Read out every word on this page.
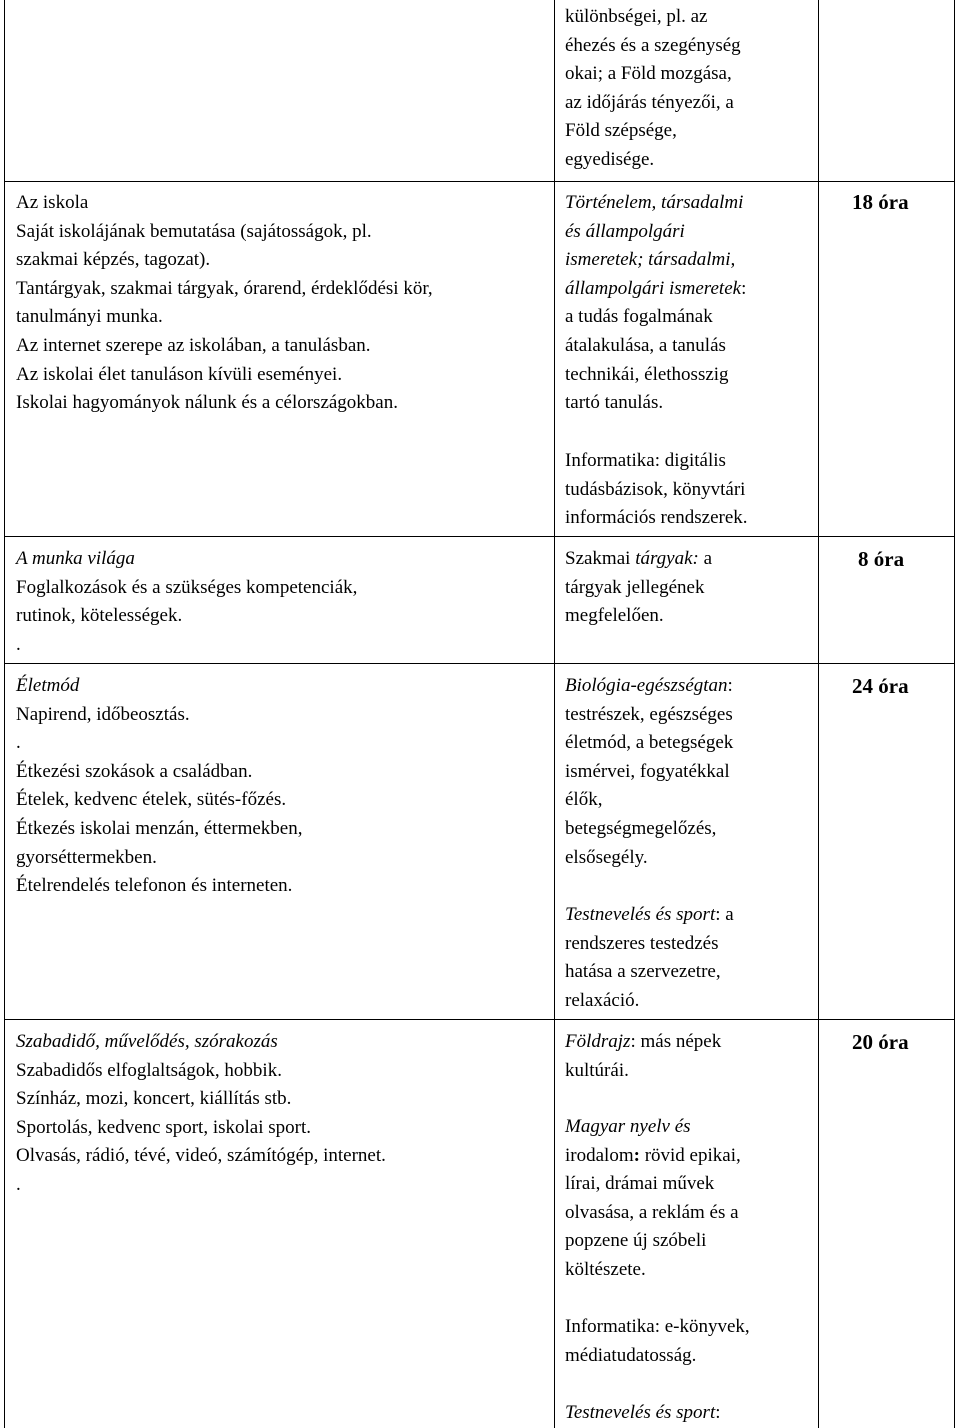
különbségei, pl. az
éhezés és a szegénység
okai; a Föld mozgása,
az időjárás tényezői, a
Föld szépsége,
egyedisége.
Az iskola
Saját iskolájának bemutatása (sajátosságok, pl.
szakmai képzés, tagozat).
Tantárgyak, szakmai tárgyak, órarend, érdeklődési kör,
tanulmányi munka.
Az internet szerepe az iskolában, a tanulásban.
Az iskolai élet tanuláson kívüli eseményei.
Iskolai hagyományok nálunk és a célországokban.
Történelem, társadalmi
és állampolgári
ismeretek; társadalmi,
állampolgári ismeretek:
a tudás fogalmának
átalakulása, a tanulás
technikái, élethosszig
tartó tanulás.
Informatika: digitális
tudásbázisok, könyvtári
információs rendszerek.
18 óra
A munka világa
Foglalkozások és a szükséges kompetenciák,
rutinok, kötelességek.
.
Szakmai tárgyak: a
tárgyak jellegének
megfelelően.
8 óra
Életmód
Napirend, időbeosztás.
.
Étkezési szokások a családban.
Ételek, kedvenc ételek, sütés-főzés.
Étkezés iskolai menzán, éttermekben,
gyorséttermekben.
Ételrendelés telefonon és interneten.
Biológia-egészségtan:
testrészek, egészséges
életmód, a betegségek
ismérvei, fogyatékkal
élők,
betegségmegelőzés,
elsősegély.
Testnevelés és sport: a
rendszeres testedzés
hatása a szervezetre,
relaxáció.
24 óra
Szabadidő, művelődés, szórakozás
Szabadidős elfoglaltságok, hobbik.
Színház, mozi, koncert, kiállítás stb.
Sportolás, kedvenc sport, iskolai sport.
Olvasás, rádió, tévé, videó, számítógép, internet.
.
Földrajz: más népek
kultúrái.
Magyar nyelv és
irodalom: rövid epikai,
lírai, drámai művek
olvasása, a reklám és a
popzene új szóbeli
költészete.
Informatika: e-könyvek,
médiatudatosság.
Testnevelés és sport:
20 óra
